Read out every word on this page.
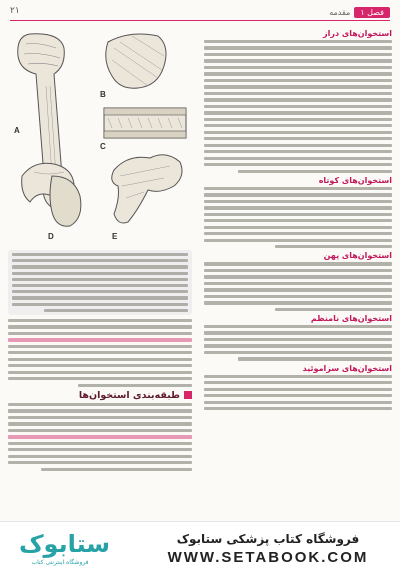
۲۱	فصل ۱
مقدمه
استخوان‌های دراز
استخوان‌های کوتاه
استخوان‌های پهن
استخوان‌های نامنظم
استخوان‌های سزاموئید
A
B
C
D	E
طبقه‌بندی استخوان‌ها
ستابوک
فروشگاه اینترنتی کتاب
فروشگاه کتاب پزشکی ستابوک
WWW.SETABOOK.COM
